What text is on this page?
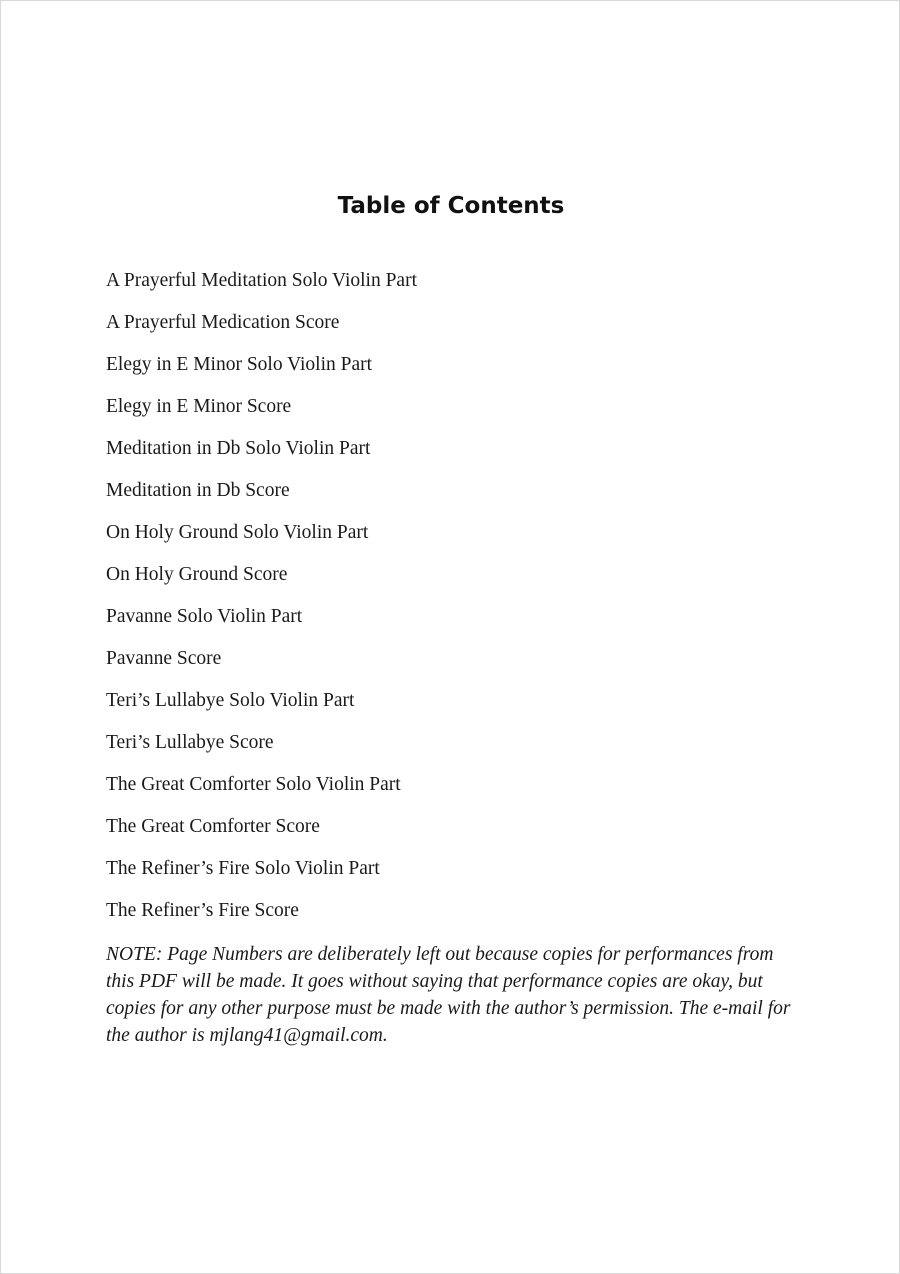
Table of Contents
A Prayerful Meditation Solo Violin Part
A Prayerful Medication Score
Elegy in E Minor Solo Violin Part
Elegy in E Minor Score
Meditation in Db Solo Violin Part
Meditation in Db Score
On Holy Ground Solo Violin Part
On Holy Ground Score
Pavanne Solo Violin Part
Pavanne Score
Teri’s Lullabye Solo Violin Part
Teri’s Lullabye Score
The Great Comforter Solo Violin Part
The Great Comforter Score
The Refiner’s Fire Solo Violin Part
The Refiner’s Fire Score

NOTE: Page Numbers are deliberately left out because copies for performances from this PDF will be made. It goes without saying that performance copies are okay, but copies for any other purpose must be made with the author’s permission. The e-mail for the author is mjlang41@gmail.com.
